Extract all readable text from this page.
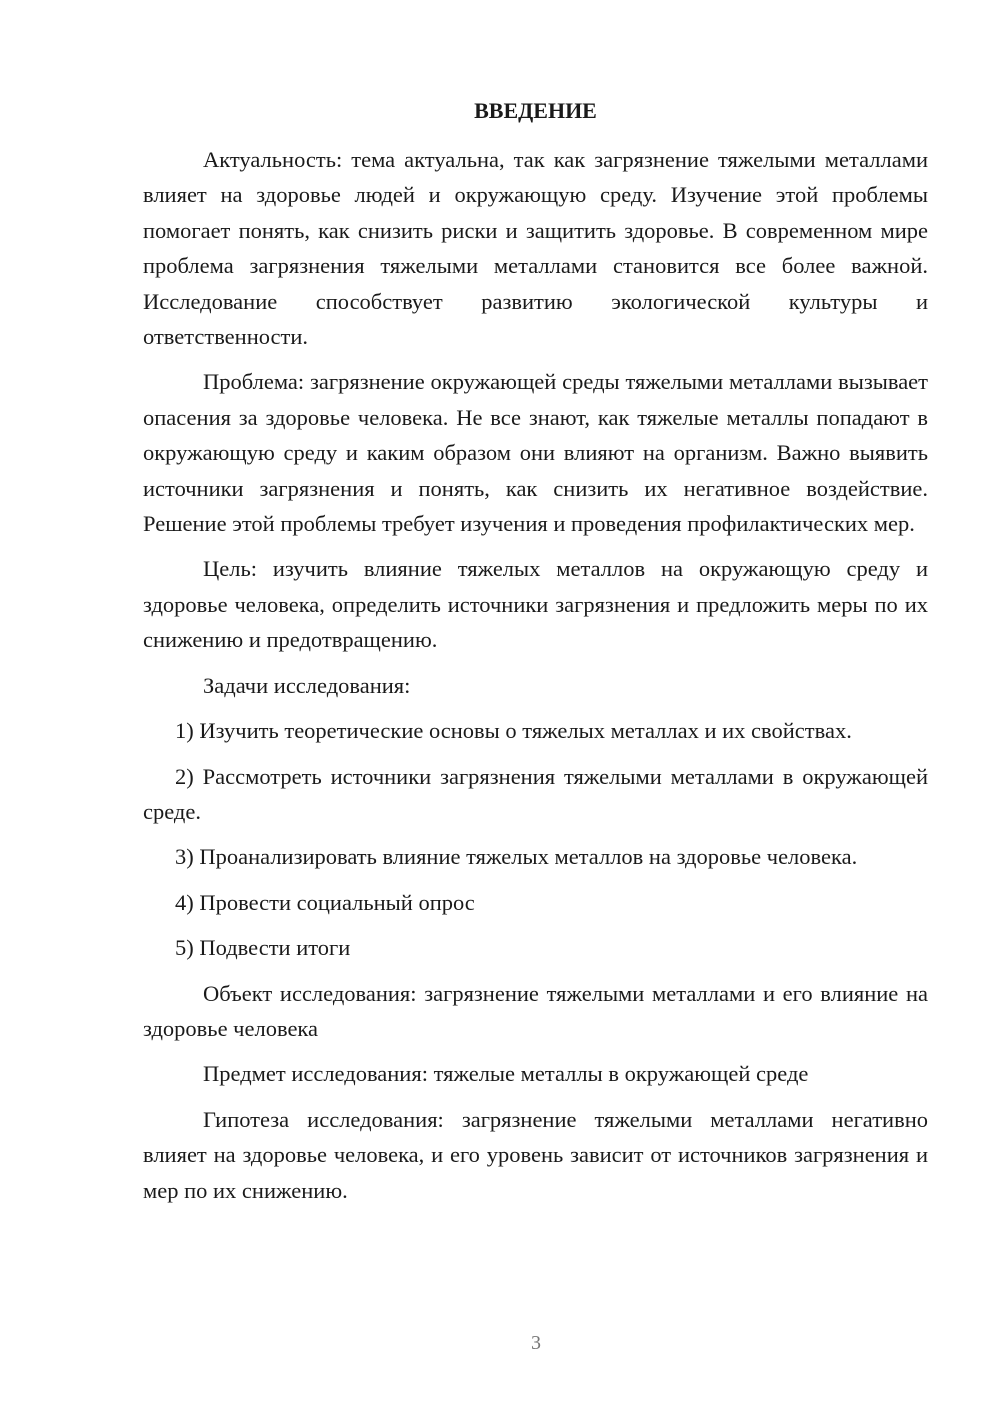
ВВЕДЕНИЕ
Актуальность: тема актуальна, так как загрязнение тяжелыми металлами влияет на здоровье людей и окружающую среду. Изучение этой проблемы помогает понять, как снизить риски и защитить здоровье. В современном мире проблема загрязнения тяжелыми металлами становится все более важной. Исследование способствует развитию экологической культуры и ответственности.
Проблема: загрязнение окружающей среды тяжелыми металлами вызывает опасения за здоровье человека. Не все знают, как тяжелые металлы попадают в окружающую среду и каким образом они влияют на организм. Важно выявить источники загрязнения и понять, как снизить их негативное воздействие. Решение этой проблемы требует изучения и проведения профилактических мер.
Цель: изучить влияние тяжелых металлов на окружающую среду и здоровье человека, определить источники загрязнения и предложить меры по их снижению и предотвращению.
Задачи исследования:
1) Изучить теоретические основы о тяжелых металлах и их свойствах.
2) Рассмотреть источники загрязнения тяжелыми металлами в окружающей среде.
3) Проанализировать влияние тяжелых металлов на здоровье человека.
4) Провести социальный опрос
5) Подвести итоги
Объект исследования: загрязнение тяжелыми металлами и его влияние на здоровье человека
Предмет исследования: тяжелые металлы в окружающей среде
Гипотеза исследования: загрязнение тяжелыми металлами негативно влияет на здоровье человека, и его уровень зависит от источников загрязнения и мер по их снижению.
3
